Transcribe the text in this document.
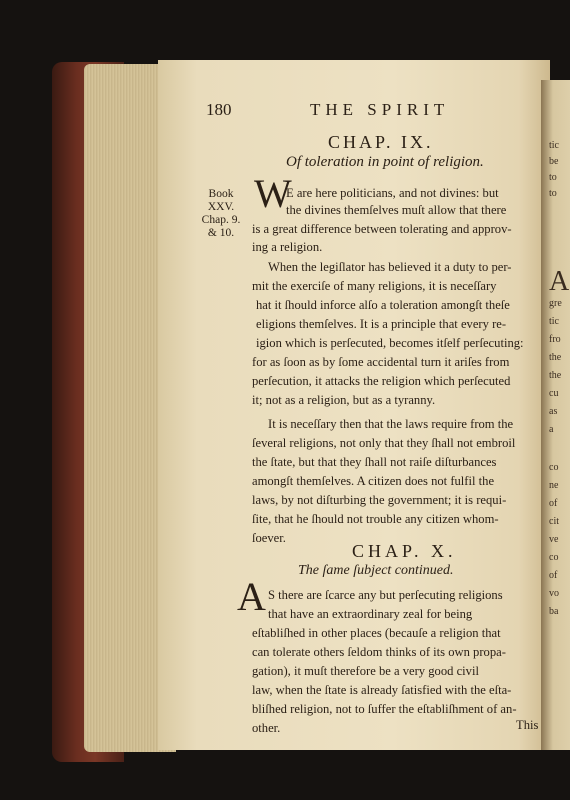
180	THE SPIRIT
CHAP. IX.
Of toleration in point of religion.
Book
XXV.
Chap. 9.
& 10.
W
E are here politicians, and not divines: but
the divines themſelves muſt allow that there
is a great difference between tolerating and approv-
ing a religion.
When the legiſlator has believed it a duty to per-
mit the exerciſe of many religions, it is neceſſary
hat it ſhould inforce alſo a toleration amongſt theſe
eligions themſelves. It is a principle that every re-
igion which is perſecuted, becomes itſelf perſecuting:
for as ſoon as by ſome accidental turn it ariſes from
perſecution, it attacks the religion which perſecuted
it; not as a religion, but as a tyranny.
It is neceſſary then that the laws require from the
ſeveral religions, not only that they ſhall not embroil
the ſtate, but that they ſhall not raiſe diſturbances
amongſt themſelves. A citizen does not fulfil the
laws, by not diſturbing the government; it is requi-
ſite, that he ſhould not trouble any citizen whom-
ſoever.
CHAP. X.
The ſame ſubject continued.
A S there are ſcarce any but perſecuting religions
that have an extraordinary zeal for being
eſtabliſhed in other places (becauſe a religion that
can tolerate others ſeldom thinks of its own propa-
gation), it muſt therefore be a very good civil
law, when the ſtate is already ſatisfied with the eſta-
bliſhed religion, not to ſuffer the eſtabliſhment of an-
other.	This
tic
be
to
to
A
gre
tic
fro
the
the
cu
as
a
co
ne
of
cit
ve
co
of
vo
ba
